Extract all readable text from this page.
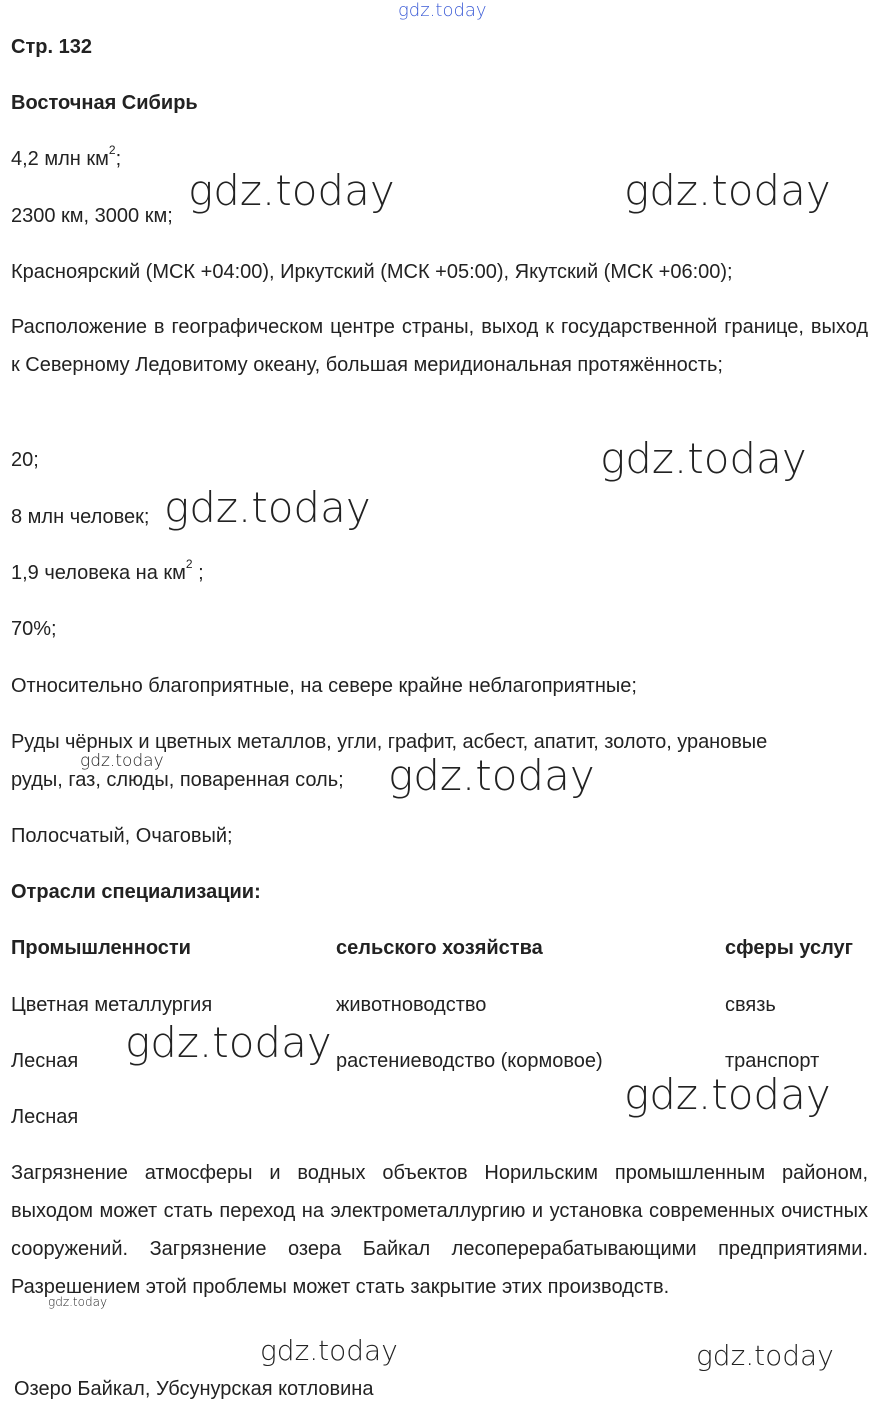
gdz.today
Стр. 132
Восточная Сибирь
4,2 млн $км^2$;
2300 км, 3000 км;
Красноярский (МСК +04:00), Иркутский (МСК +05:00), Якутский (МСК +06:00);
Расположение в географическом центре страны, выход к государственной границе, выход к Северному Ледовитому океану, большая меридиональная протяжённость;
20;
8 млн человек;
1,9 человека на $км^2$ ;
70%;
Относительно благоприятные, на севере крайне неблагоприятные;
Руды чёрных и цветных металлов, угли, графит, асбест, апатит, золото, урановые
руды, газ, слюды, поваренная соль;
Полосчатый, Очаговый;
Отрасли специализации:
Промышленности	сельского хозяйства	сферы услуг
Цветная металлургия	животноводство	связь
Лесная	растениеводство (кормовое)	транспорт
Лесная
Загрязнение атмосферы и водных объектов Норильским промышленным районом, выходом может стать переход на электрометаллургию и установка современных очистных сооружений. Загрязнение озера Байкал лесоперерабатывающими предприятиями. Разрешением этой проблемы может стать закрытие этих производств.
Озеро Байкал, Убсунурская котловина
gdz.today	gdz.today
gdz.today
gdz.today
gdz.today	gdz.today
gdz.today
gdz.today
gdz.today
gdz.today	gdz.today
